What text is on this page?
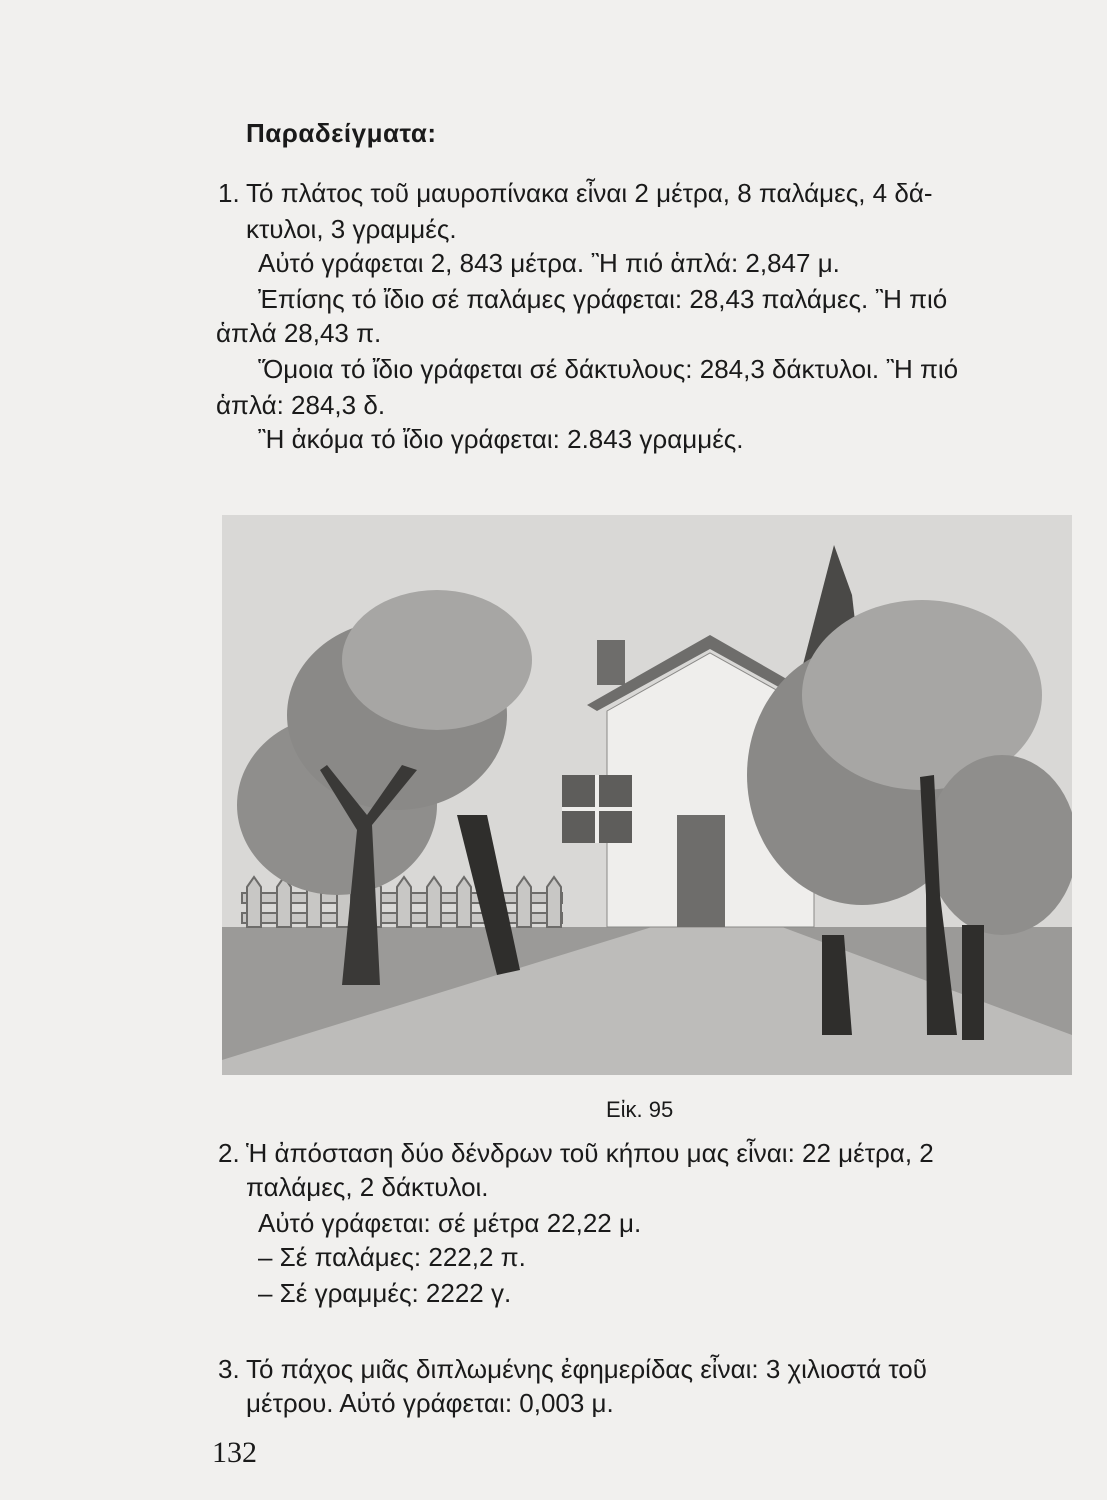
Παραδείγματα:
1. Τό πλάτος τοῦ μαυροπίνακα εἶναι 2 μέτρα, 8 παλάμες, 4 δά-
κτυλοι, 3 γραμμές.
Αὐτό γράφεται 2, 843 μέτρα. Ἢ πιό ἁπλά: 2,847 μ.
Ἐπίσης τό ἴδιο σέ παλάμες γράφεται: 28,43 παλάμες. Ἢ πιό
ἁπλά 28,43 π.
Ὅμοια τό ἴδιο γράφεται σέ δάκτυλους: 284,3 δάκτυλοι. Ἢ πιό
ἁπλά: 284,3 δ.
Ἢ ἀκόμα τό ἴδιο γράφεται: 2.843 γραμμές.
Εἰκ. 95
2. Ἡ ἀπόσταση δύο δένδρων τοῦ κήπου μας εἶναι: 22 μέτρα, 2
παλάμες, 2 δάκτυλοι.
Αὐτό γράφεται: σέ μέτρα 22,22 μ.
– Σέ παλάμες: 222,2 π.
– Σέ γραμμές: 2222 γ.
3. Τό πάχος μιᾶς διπλωμένης ἐφημερίδας εἶναι: 3 χιλιοστά τοῦ
μέτρου. Αὐτό γράφεται: 0,003 μ.
132
